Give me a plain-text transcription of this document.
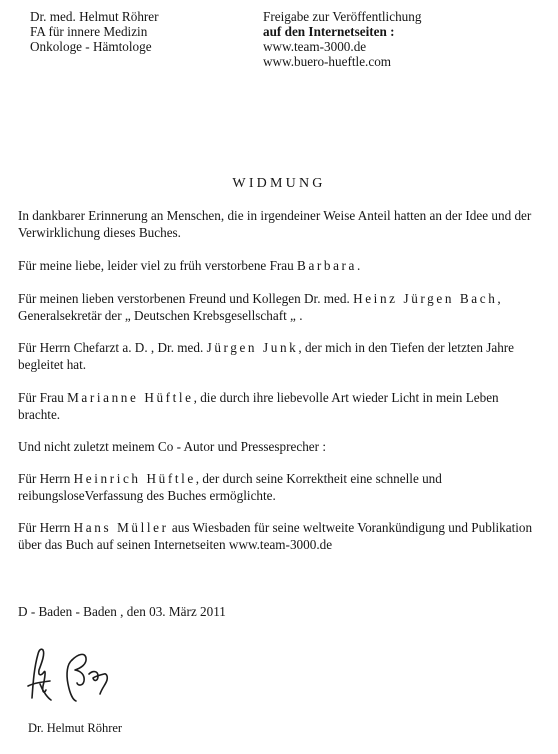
Dr. med. Helmut Röhrer
FA für innere Medizin
Onkologe - Hämtologe
Freigabe zur Veröffentlichung
auf den Internetseiten :
www.team-3000.de
www.buero-hueftle.com
WIDMUNG
In dankbarer Erinnerung an Menschen, die in irgendeiner Weise Anteil hatten an der Idee und der Verwirklichung dieses Buches.
Für meine liebe, leider viel zu früh verstorbene Frau Barbara.
Für meinen lieben verstorbenen Freund und Kollegen Dr. med. Heinz Jürgen Bach, Generalsekretär der „ Deutschen Krebsgesellschaft „ .
Für Herrn Chefarzt a. D. , Dr. med. Jürgen Junk, der mich in den Tiefen der letzten Jahre begleitet hat.
Für Frau Marianne Hüftle, die durch ihre liebevolle Art wieder Licht in mein Leben brachte.
Und nicht zuletzt meinem Co - Autor und Pressesprecher :
Für Herrn Heinrich Hüftle, der durch seine Korrektheit eine schnelle und reibungsloseVerfassung des Buches ermöglichte.
Für Herrn Hans Müller aus Wiesbaden für seine weltweite Vorankündigung und Publikation über das Buch auf seinen Internetseiten www.team-3000.de
D - Baden - Baden , den 03. März 2011
Dr. Helmut Röhrer
